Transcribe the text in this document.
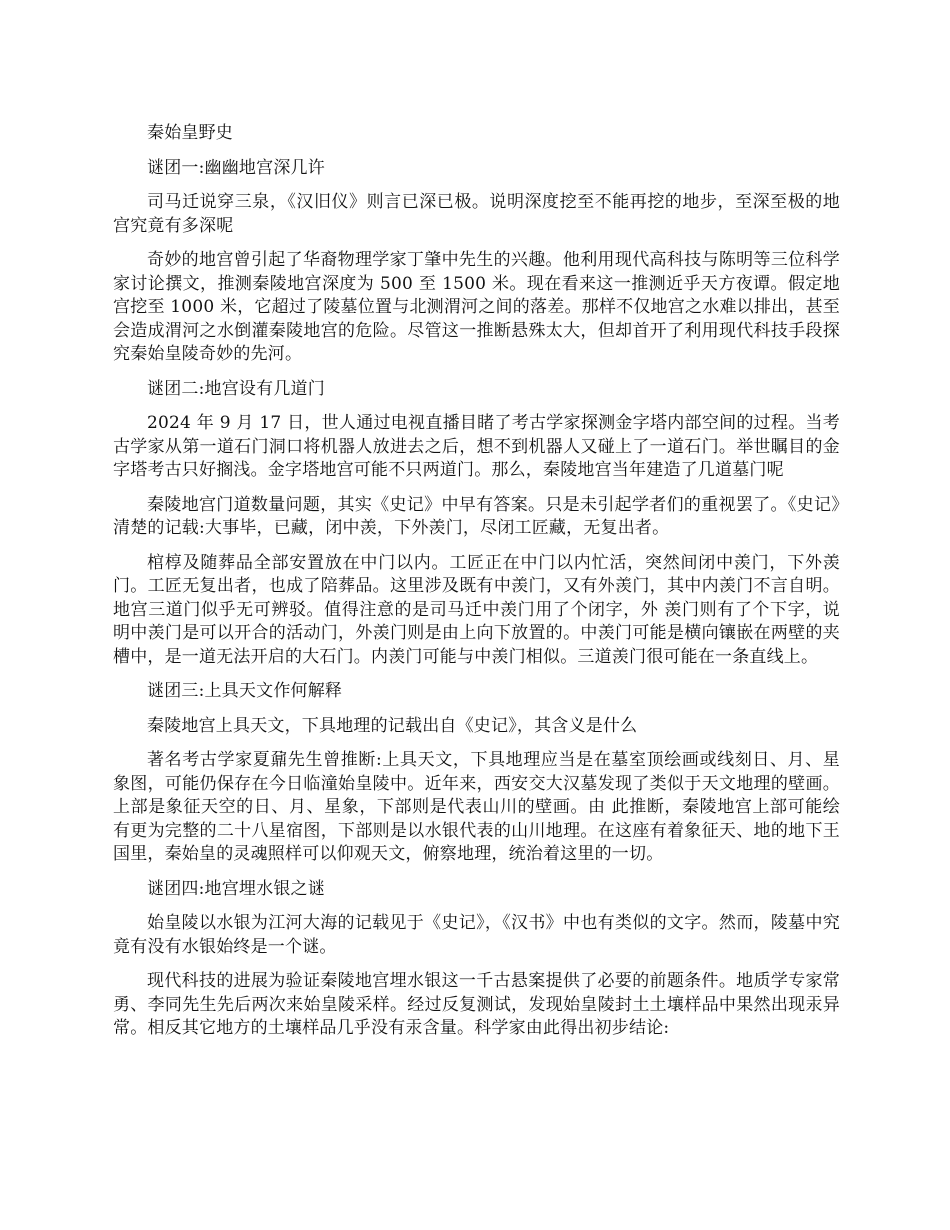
秦始皇野史

谜团一:幽幽地宫深几许

司马迁说穿三泉，《汉旧仪》则言已深已极。说明深度挖至不能再挖的地步，至深至极的地宫究竟有多深呢

奇妙的地宫曾引起了华裔物理学家丁肇中先生的兴趣。他利用现代高科技与陈明等三位科学家讨论撰文，推测秦陵地宫深度为 500 至 1500 米。现在看来这一推测近乎天方夜谭。假定地宫挖至 1000 米，它超过了陵墓位置与北测渭河之间的落差。那样不仅地宫之水难以排出，甚至会造成渭河之水倒灌秦陵地宫的危险。尽管这一推断悬殊太大，但却首开了利用现代科技手段探究秦始皇陵奇妙的先河。

谜团二:地宫设有几道门

2024 年 9 月 17 日，世人通过电视直播目睹了考古学家探测金字塔内部空间的过程。当考古学家从第一道石门洞口将机器人放进去之后，想不到机器人又碰上了一道石门。举世瞩目的金字塔考古只好搁浅。金字塔地宫可能不只两道门。那么，秦陵地宫当年建造了几道墓门呢

秦陵地宫门道数量问题，其实《史记》中早有答案。只是未引起学者们的重视罢了。《史记》清楚的记载:大事毕，已藏，闭中羡，下外羡门，尽闭工匠藏，无复出者。

棺椁及随葬品全部安置放在中门以内。工匠正在中门以内忙活，突然间闭中羡门，下外羡门。工匠无复出者，也成了陪葬品。这里涉及既有中羡门，又有外羡门，其中内羡门不言自明。地宫三道门似乎无可辨驳。值得注意的是司马迁中羡门用了个闭字，外 羡门则有了个下字，说明中羡门是可以开合的活动门，外羡门则是由上向下放置的。中羡门可能是横向镶嵌在两壁的夹槽中，是一道无法开启的大石门。内羡门可能与中羡门相似。三道羡门很可能在一条直线上。

谜团三:上具天文作何解释

秦陵地宫上具天文，下具地理的记载出自《史记》，其含义是什么

著名考古学家夏鼐先生曾推断:上具天文，下具地理应当是在墓室顶绘画或线刻日、月、星象图，可能仍保存在今日临潼始皇陵中。近年来，西安交大汉墓发现了类似于天文地理的壁画。上部是象征天空的日、月、星象，下部则是代表山川的壁画。由 此推断，秦陵地宫上部可能绘有更为完整的二十八星宿图，下部则是以水银代表的山川地理。在这座有着象征天、地的地下王国里，秦始皇的灵魂照样可以仰观天文，俯察地理，统治着这里的一切。

谜团四:地宫埋水银之谜

始皇陵以水银为江河大海的记载见于《史记》，《汉书》中也有类似的文字。然而，陵墓中究竟有没有水银始终是一个谜。

现代科技的进展为验证秦陵地宫埋水银这一千古悬案提供了必要的前题条件。地质学专家常勇、李同先生先后两次来始皇陵采样。经过反复测试，发现始皇陵封土土壤样品中果然出现汞异常。相反其它地方的土壤样品几乎没有汞含量。科学家由此得出初步结论:
